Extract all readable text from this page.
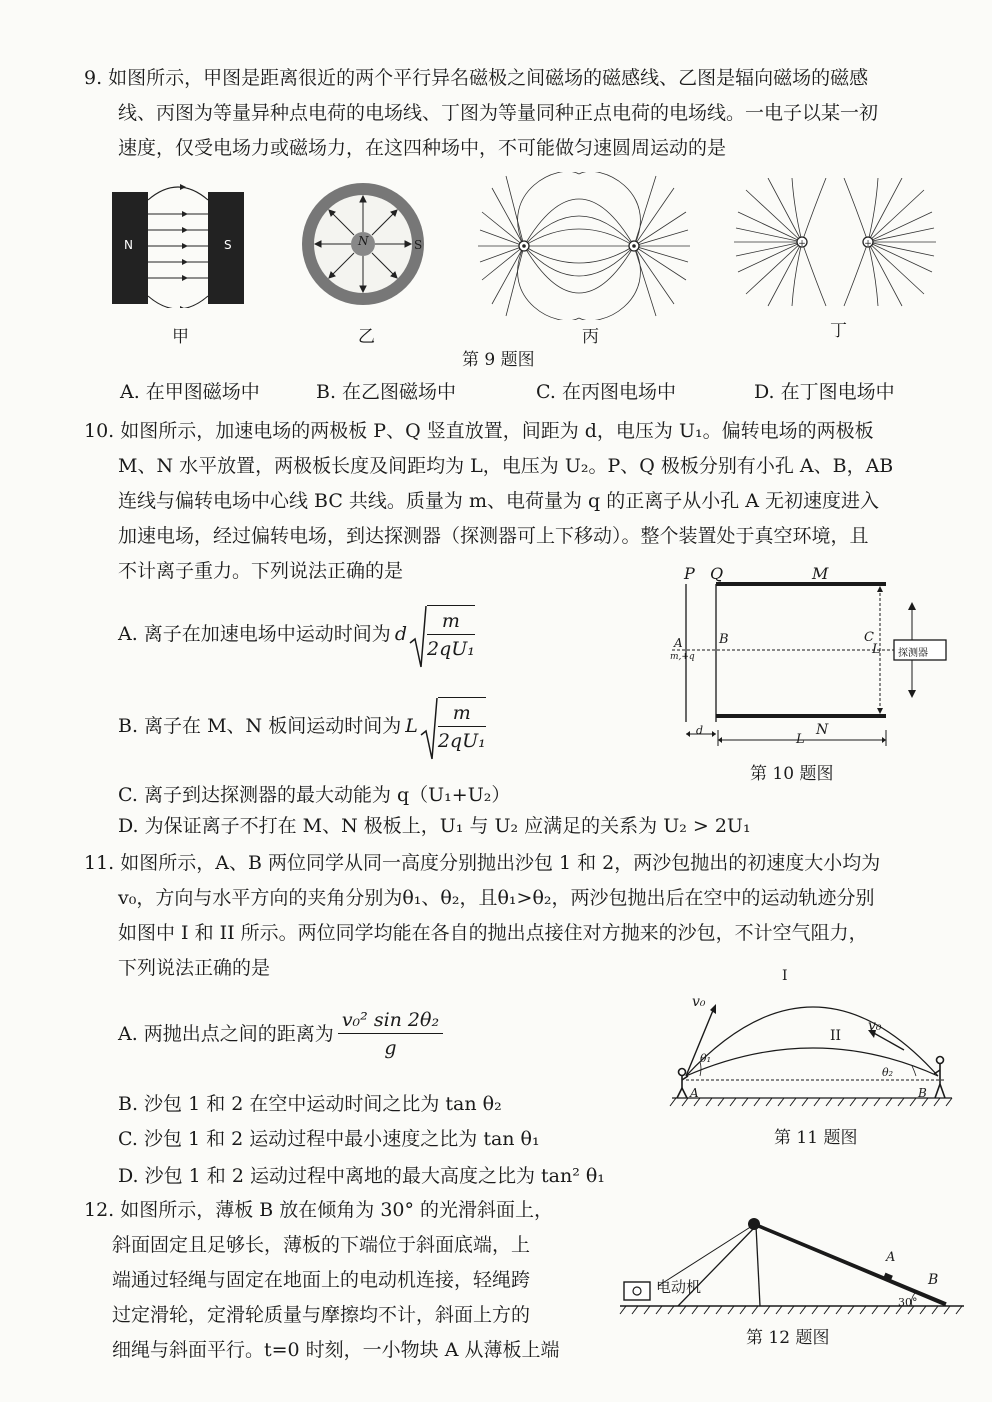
9. 如图所示，甲图是距离很近的两个平行异名磁极之间磁场的磁感线、乙图是辐向磁场的磁感
线、丙图为等量异种点电荷的电场线、丁图为等量同种正点电荷的电场线。一电子以某一初
速度，仅受电场力或磁场力，在这四种场中，不可能做匀速圆周运动的是
N	S	N	S	+	+
甲	乙	丙	丁
第 9 题图
A. 在甲图磁场中	B. 在乙图磁场中	C. 在丙图电场中	D. 在丁图电场中
10. 如图所示，加速电场的两极板 P、Q 竖直放置，间距为 d，电压为 U₁。偏转电场的两极板
M、N 水平放置，两极板长度及间距均为 L，电压为 U₂。P、Q 极板分别有小孔 A、B，AB
连线与偏转电场中心线 BC 共线。质量为 m、电荷量为 q 的正离子从小孔 A 无初速度进入
加速电场，经过偏转电场，到达探测器（探测器可上下移动）。整个装置处于真空环境，且
不计离子重力。下列说法正确的是
A. 离子在加速电场中运动时间为 d $\frac{m}{\text{2qU₁}}$
B. 离子在 M、N 板间运动时间为 L $\frac{m}{\text{2qU₁}}$
C. 离子到达探测器的最大动能为 q（U₁+U₂）
D. 为保证离子不打在 M、N 极板上，U₁ 与 U₂ 应满足的关系为 U₂ > 2U₁
P Q	M
A
m,+q
B	C
L 探测器
N
d
L
第 10 题图
11. 如图所示，A、B 两位同学从同一高度分别抛出沙包 1 和 2，两沙包抛出的初速度大小均为
v₀，方向与水平方向的夹角分别为θ₁、θ₂，且θ₁>θ₂，两沙包抛出后在空中的运动轨迹分别
如图中 I 和 II 所示。两位同学均能在各自的抛出点接住对方抛来的沙包，不计空气阻力，
下列说法正确的是
A. 两抛出点之间的距离为 $\frac{\text{v₀² sin 2θ₂}}{g}$
B. 沙包 1 和 2 在空中运动时间之比为 tan θ₂
C. 沙包 1 和 2 运动过程中最小速度之比为 tan θ₁
D. 沙包 1 和 2 运动过程中离地的最大高度之比为 tan² θ₁
I
II
v₀
v₀
θ₁
θ₂
A	B
第 11 题图
12. 如图所示，薄板 B 放在倾角为 30° 的光滑斜面上，
斜面固定且足够长，薄板的下端位于斜面底端，上
端通过轻绳与固定在地面上的电动机连接，轻绳跨
过定滑轮，定滑轮质量与摩擦均不计，斜面上方的
细绳与斜面平行。t=0 时刻，一小物块 A 从薄板上端
电动机
A
B
30°
第 12 题图
